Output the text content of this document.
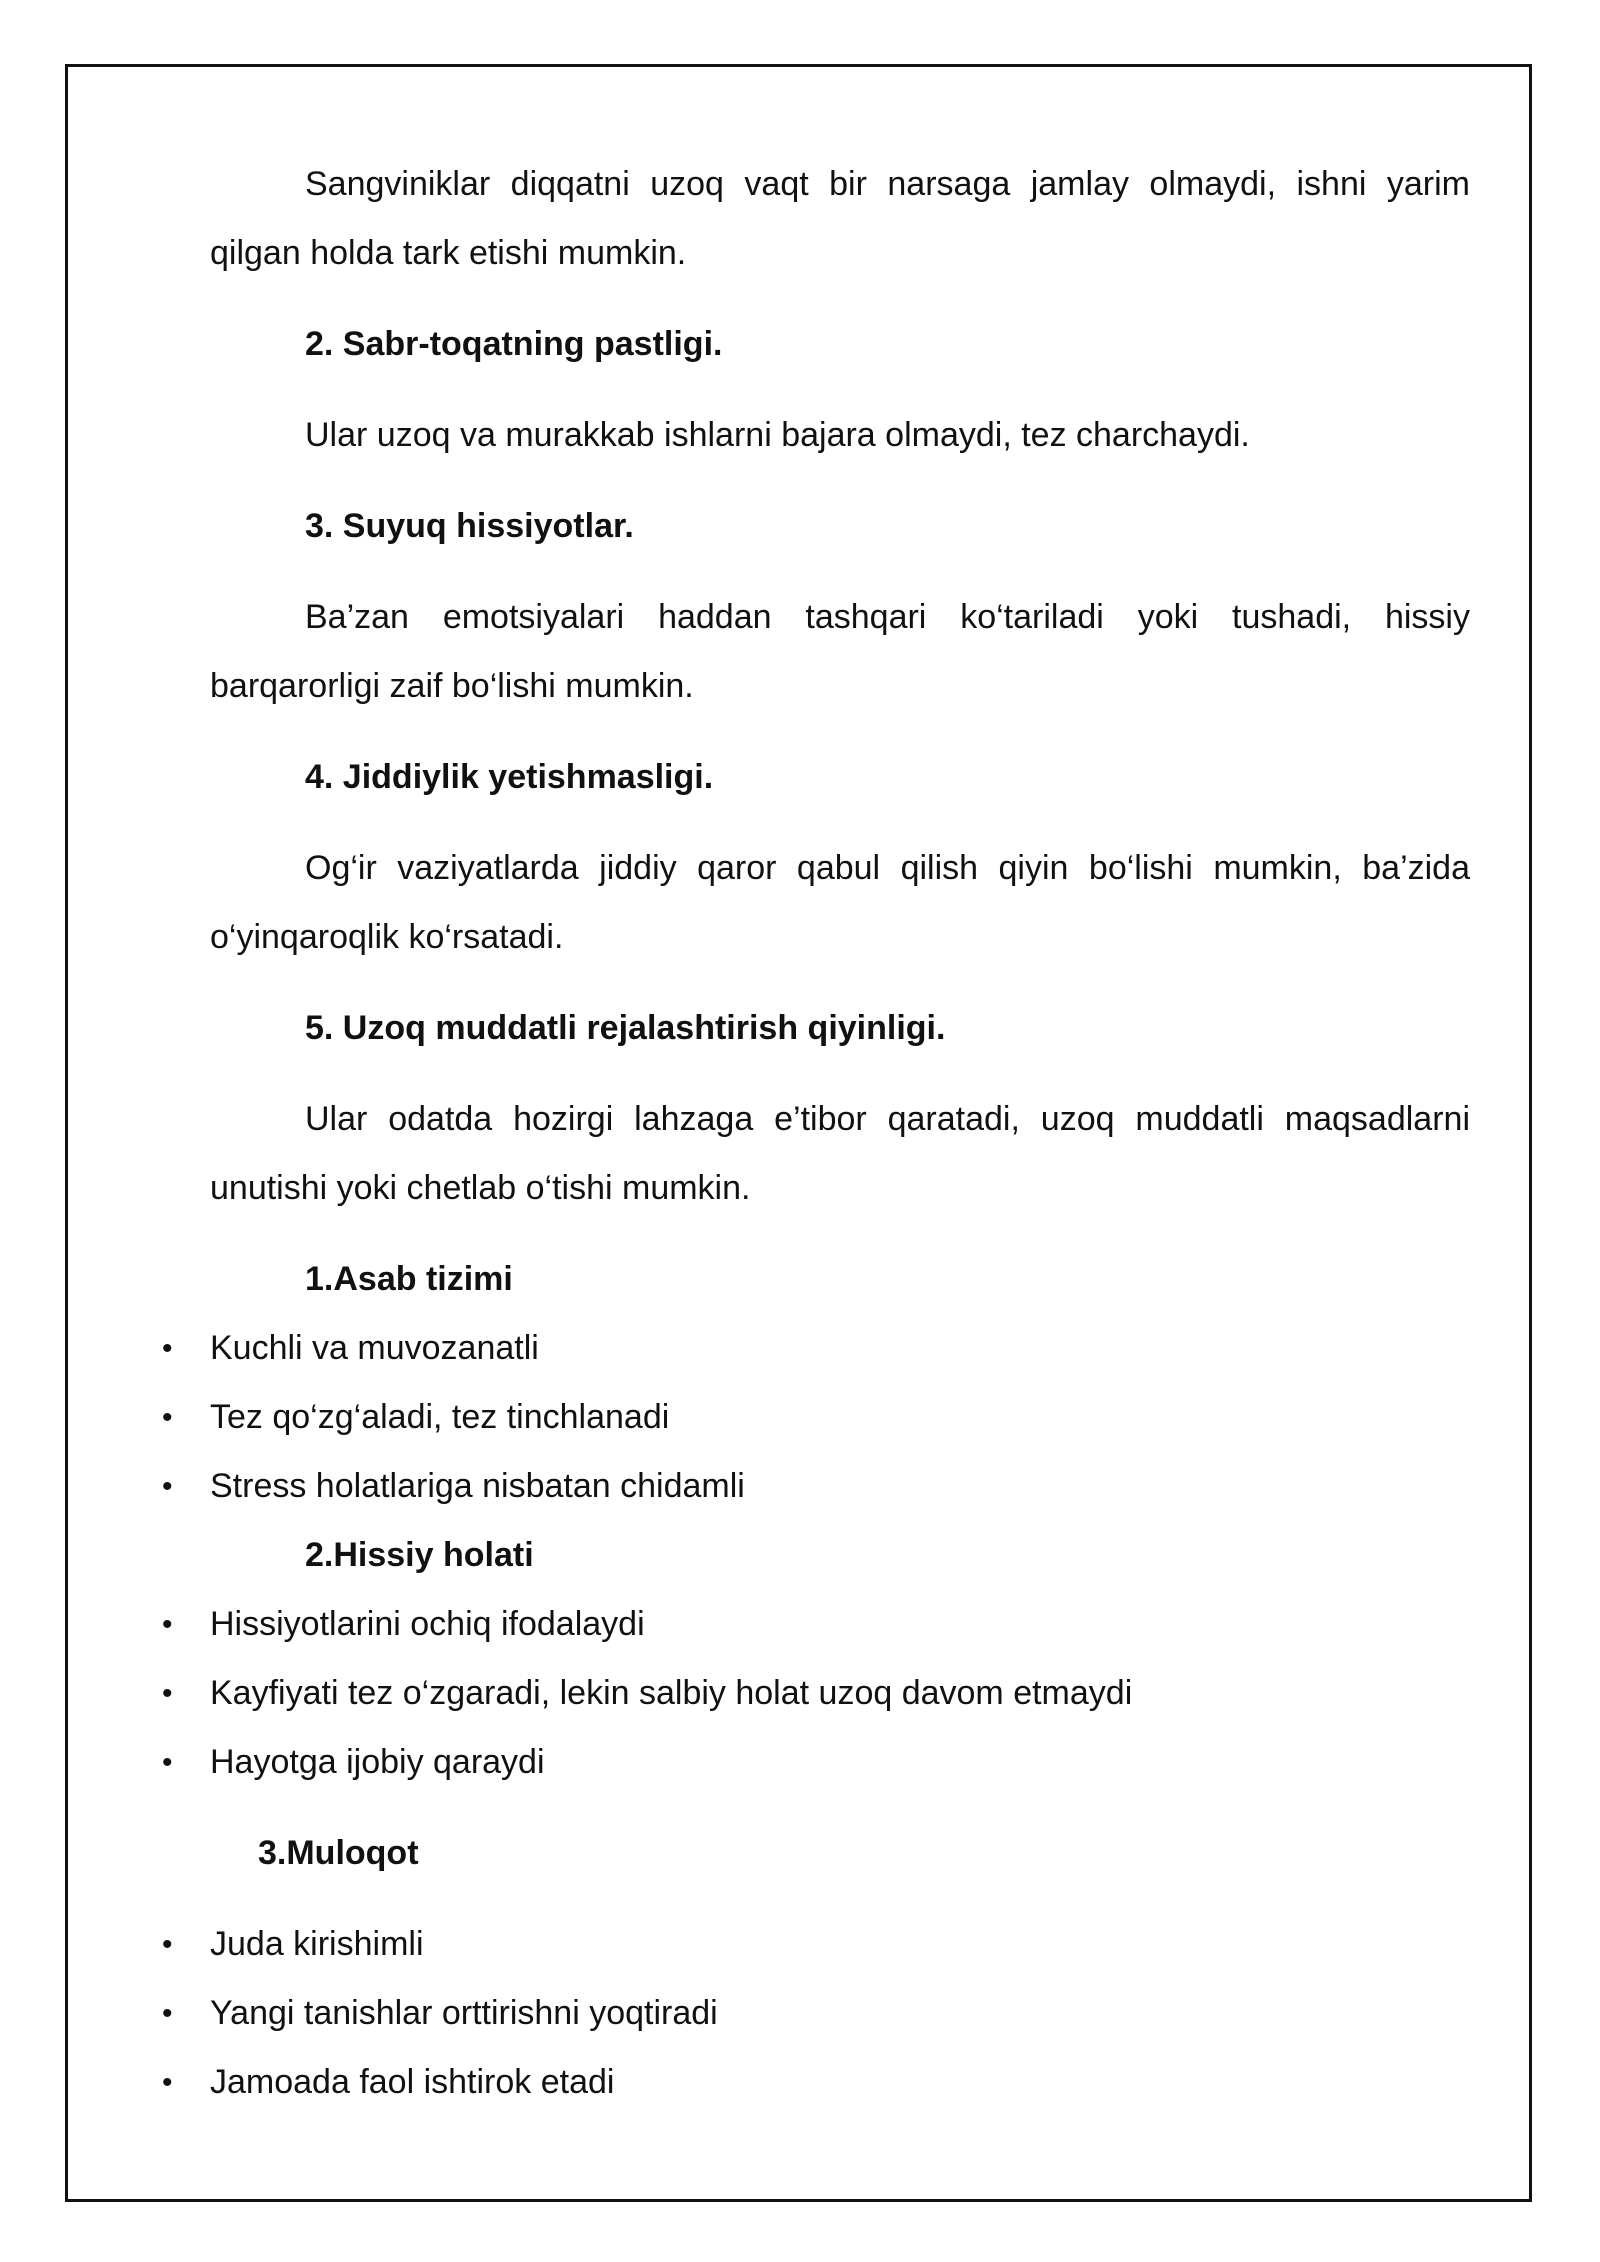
Sangviniklar diqqatni uzoq vaqt bir narsaga jamlay olmaydi, ishni yarim qilgan holda tark etishi mumkin.

2. Sabr-toqatning pastligi.

Ular uzoq va murakkab ishlarni bajara olmaydi, tez charchaydi.

3. Suyuq hissiyotlar.

Ba’zan emotsiyalari haddan tashqari ko‘tariladi yoki tushadi, hissiy barqarorligi zaif bo‘lishi mumkin.

4. Jiddiylik yetishmasligi.

Og‘ir vaziyatlarda jiddiy qaror qabul qilish qiyin bo‘lishi mumkin, ba’zida o‘yinqaroqlik ko‘rsatadi.

5. Uzoq muddatli rejalashtirish qiyinligi.

Ular odatda hozirgi lahzaga e’tibor qaratadi, uzoq muddatli maqsadlarni unutishi yoki chetlab o‘tishi mumkin.

1.Asab tizimi
• Kuchli va muvozanatli
• Tez qo‘zg‘aladi, tez tinchlanadi
• Stress holatlariga nisbatan chidamli
2.Hissiy holati
• Hissiyotlarini ochiq ifodalaydi
• Kayfiyati tez o‘zgaradi, lekin salbiy holat uzoq davom etmaydi
• Hayotga ijobiy qaraydi
3.Muloqot
• Juda kirishimli
• Yangi tanishlar orttirishni yoqtiradi
• Jamoada faol ishtirok etadi
